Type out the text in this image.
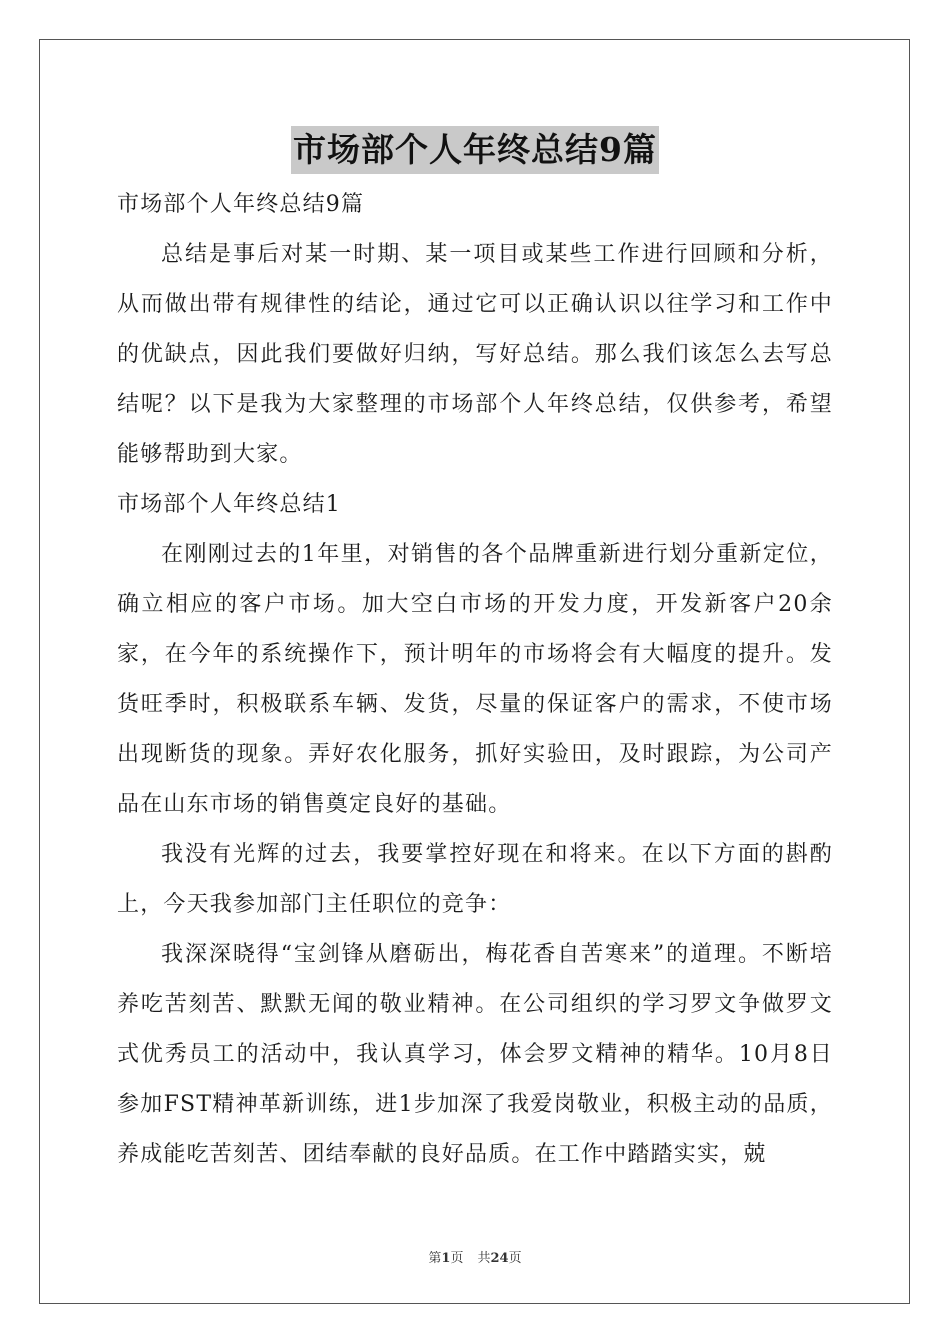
市场部个人年终总结9篇

市场部个人年终总结9篇

总结是事后对某一时期、某一项目或某些工作进行回顾和分析，从而做出带有规律性的结论，通过它可以正确认识以往学习和工作中的优缺点，因此我们要做好归纳，写好总结。那么我们该怎么去写总结呢？以下是我为大家整理的市场部个人年终总结，仅供参考，希望能够帮助到大家。

市场部个人年终总结1

在刚刚过去的1年里，对销售的各个品牌重新进行划分重新定位，确立相应的客户市场。加大空白市场的开发力度，开发新客户20余家，在今年的系统操作下，预计明年的市场将会有大幅度的提升。发货旺季时，积极联系车辆、发货，尽量的保证客户的需求，不使市场出现断货的现象。弄好农化服务，抓好实验田，及时跟踪，为公司产品在山东市场的销售奠定良好的基础。

我没有光辉的过去，我要掌控好现在和将来。在以下方面的斟酌上，今天我参加部门主任职位的竞争：

我深深晓得“宝剑锋从磨砺出，梅花香自苦寒来”的道理。不断培养吃苦刻苦、默默无闻的敬业精神。在公司组织的学习罗文争做罗文式优秀员工的活动中，我认真学习，体会罗文精神的精华。10月8日参加FST精神革新训练，进1步加深了我爱岗敬业，积极主动的品质，养成能吃苦刻苦、团结奉献的良好品质。在工作中踏踏实实，兢

第1页 共24页
